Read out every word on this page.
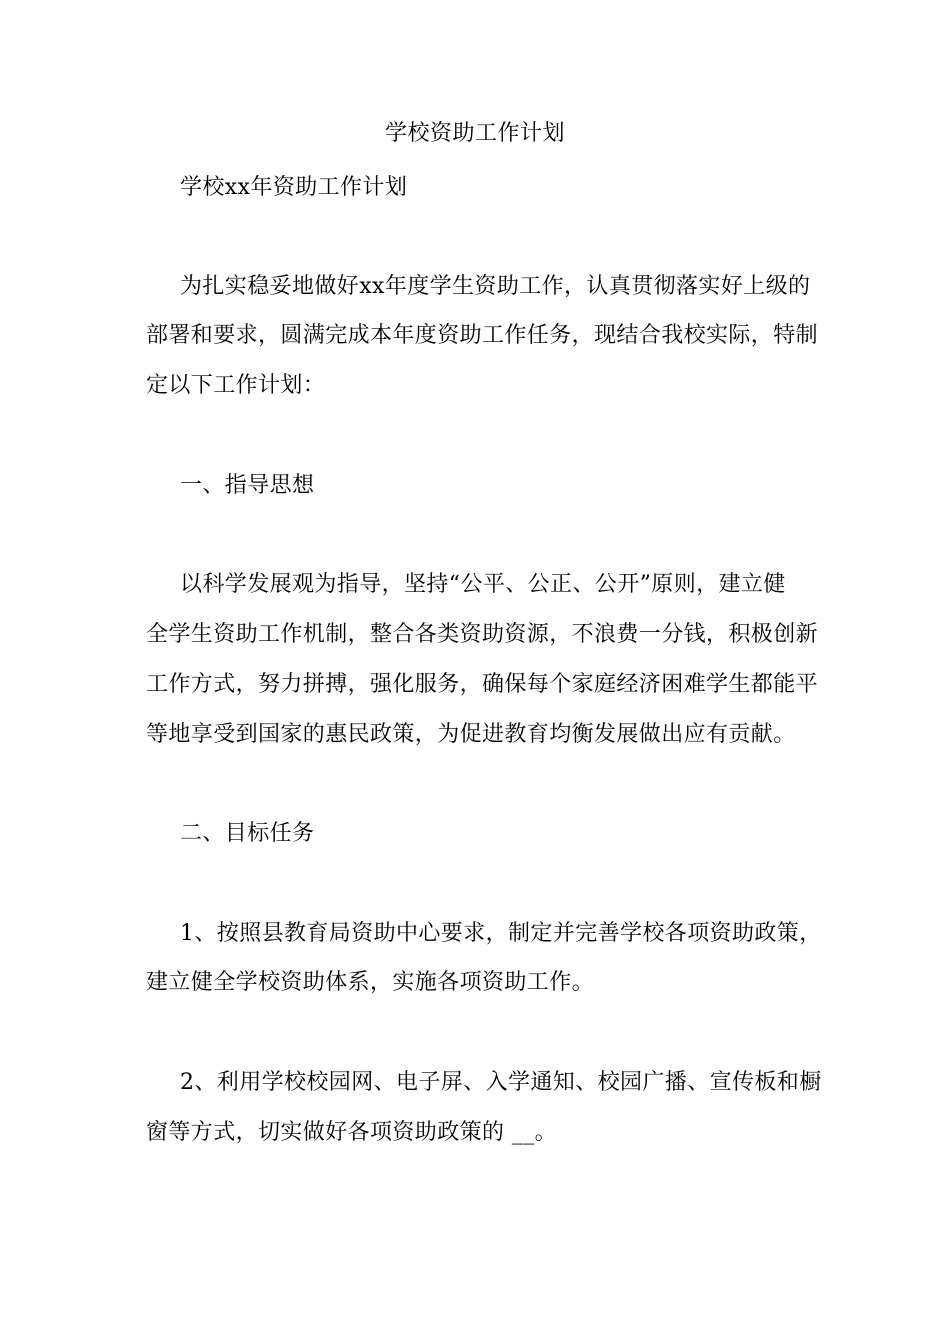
学校资助工作计划
学校xx年资助工作计划
为扎实稳妥地做好xx年度学生资助工作，认真贯彻落实好上级的
部署和要求，圆满完成本年度资助工作任务，现结合我校实际，特制
定以下工作计划：
一、指导思想
以科学发展观为指导，坚持“公平、公正、公开”原则，建立健
全学生资助工作机制，整合各类资助资源，不浪费一分钱，积极创新
工作方式，努力拼搏，强化服务，确保每个家庭经济困难学生都能平
等地享受到国家的惠民政策，为促进教育均衡发展做出应有贡献。
二、目标任务
1、按照县教育局资助中心要求，制定并完善学校各项资助政策，
建立健全学校资助体系，实施各项资助工作。
2、利用学校校园网、电子屏、入学通知、校园广播、宣传板和橱
窗等方式，切实做好各项资助政策的 __。
